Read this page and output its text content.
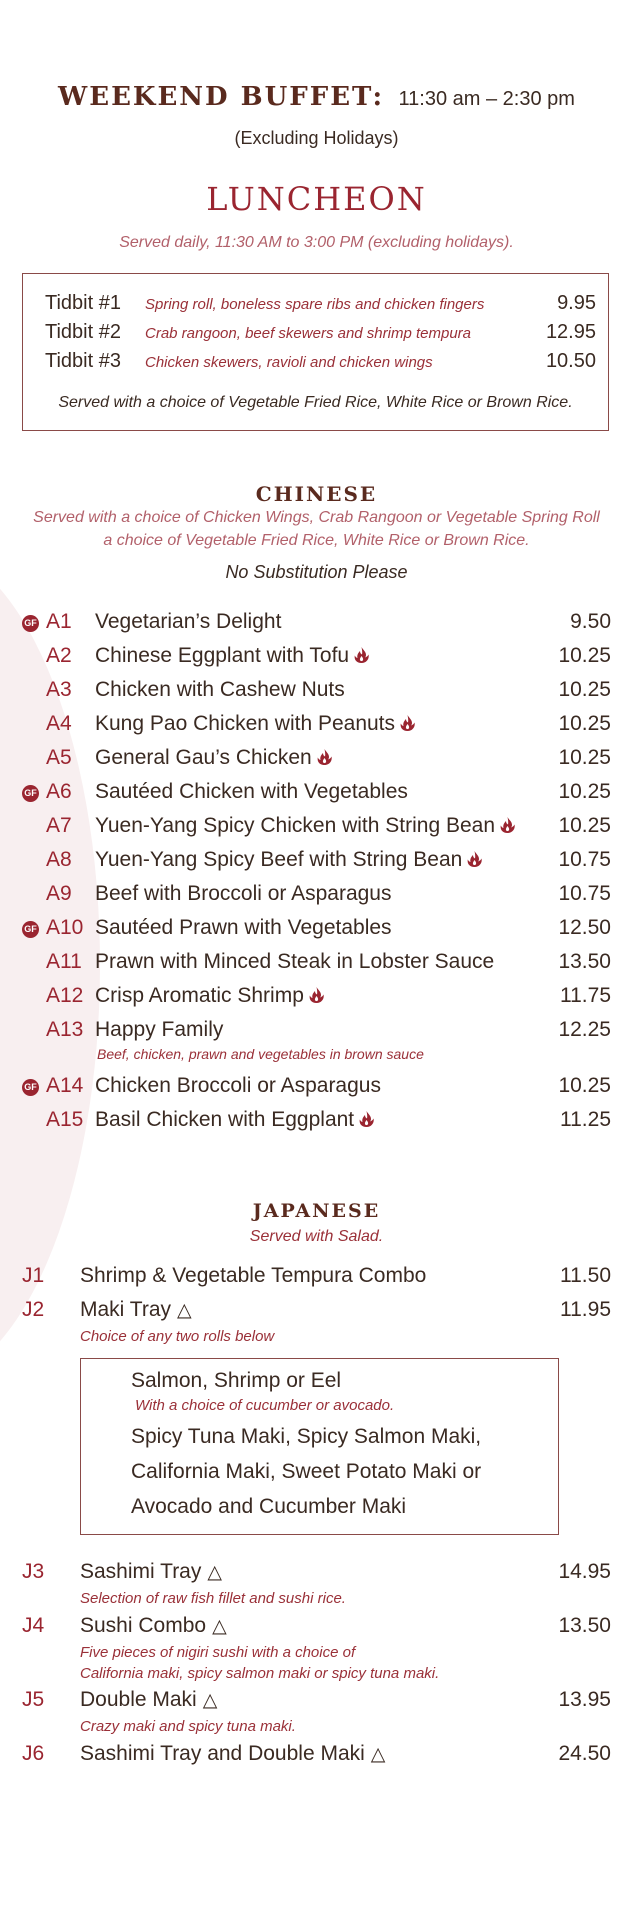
WEEKEND BUFFET: 11:30 am – 2:30 pm
(Excluding Holidays)
LUNCHEON
Served daily, 11:30 AM to 3:00 PM (excluding holidays).
Tidbit #1 Spring roll, boneless spare ribs and chicken fingers	9.95
Tidbit #2 Crab rangoon, beef skewers and shrimp tempura	12.95
Tidbit #3 Chicken skewers, ravioli and chicken wings	10.50
Served with a choice of Vegetable Fried Rice, White Rice or Brown Rice.
CHINESE
Served with a choice of Chicken Wings, Crab Rangoon or Vegetable Spring Roll
a choice of Vegetable Fried Rice, White Rice or Brown Rice.
No Substitution Please
GF A1 Vegetarian’s Delight	9.50
A2 Chinese Eggplant with Tofu	10.25
A3 Chicken with Cashew Nuts	10.25
A4 Kung Pao Chicken with Peanuts	10.25
A5 General Gau’s Chicken	10.25
GF A6 Sautéed Chicken with Vegetables	10.25
A7 Yuen-Yang Spicy Chicken with String Bean	10.25
A8 Yuen-Yang Spicy Beef with String Bean	10.75
A9 Beef with Broccoli or Asparagus	10.75
GF A10 Sautéed Prawn with Vegetables	12.50
A11 Prawn with Minced Steak in Lobster Sauce	13.50
A12 Crisp Aromatic Shrimp	11.75
A13 Happy Family	12.25
Beef, chicken, prawn and vegetables in brown sauce
GF A14 Chicken Broccoli or Asparagus	10.25
A15 Basil Chicken with Eggplant	11.25
JAPANESE
Served with Salad.
J1 Shrimp & Vegetable Tempura Combo	11.50
J2 Maki Tray △	11.95
Choice of any two rolls below
J3 Sashimi Tray △	14.95
Selection of raw fish fillet and sushi rice.
J4 Sushi Combo △	13.50
Five pieces of nigiri sushi with a choice of
California maki, spicy salmon maki or spicy tuna maki.
J5 Double Maki △	13.95
Crazy maki and spicy tuna maki.
J6 Sashimi Tray and Double Maki △	24.50
Salmon, Shrimp or Eel
With a choice of cucumber or avocado.
Spicy Tuna Maki, Spicy Salmon Maki,
California Maki, Sweet Potato Maki or
Avocado and Cucumber Maki
